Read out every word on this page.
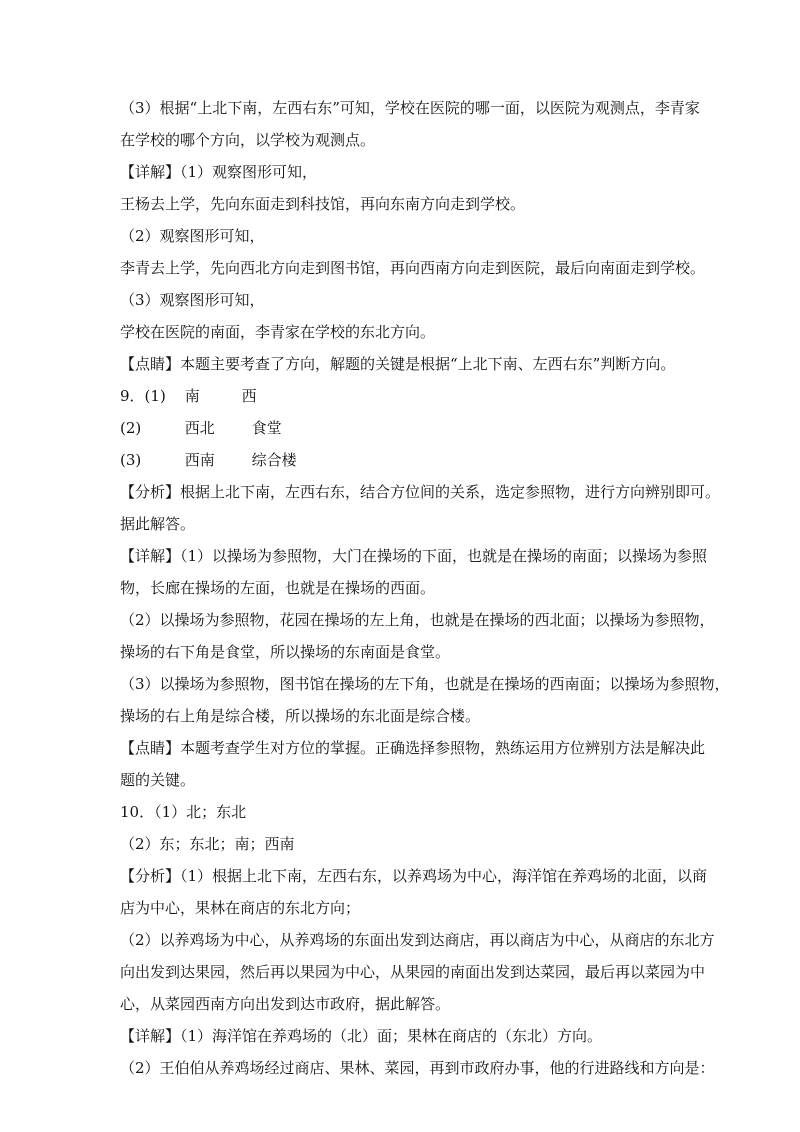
（3）根据“上北下南，左西右东”可知，学校在医院的哪一面，以医院为观测点，李青家
在学校的哪个方向，以学校为观测点。
【详解】（1）观察图形可知，
王杨去上学，先向东面走到科技馆，再向东南方向走到学校。
（2）观察图形可知，
李青去上学，先向西北方向走到图书馆，再向西南方向走到医院，最后向南面走到学校。
（3）观察图形可知，
学校在医院的南面，李青家在学校的东北方向。
【点睛】本题主要考查了方向，解题的关键是根据“上北下南、左西右东”判断方向。
9．(1) 南	西
(2)	西北 食堂
(3)	西南 综合楼
【分析】根据上北下南，左西右东，结合方位间的关系，选定参照物，进行方向辨别即可。
据此解答。
【详解】（1）以操场为参照物，大门在操场的下面，也就是在操场的南面；以操场为参照
物，长廊在操场的左面，也就是在操场的西面。
（2）以操场为参照物，花园在操场的左上角，也就是在操场的西北面；以操场为参照物，
操场的右下角是食堂，所以操场的东南面是食堂。
（3）以操场为参照物，图书馆在操场的左下角，也就是在操场的西南面；以操场为参照物，
操场的右上角是综合楼，所以操场的东北面是综合楼。
【点睛】本题考查学生对方位的掌握。正确选择参照物，熟练运用方位辨别方法是解决此
题的关键。
10．（1）北；东北
（2）东；东北；南；西南
【分析】（1）根据上北下南，左西右东，以养鸡场为中心，海洋馆在养鸡场的北面，以商
店为中心，果林在商店的东北方向；
（2）以养鸡场为中心，从养鸡场的东面出发到达商店，再以商店为中心，从商店的东北方
向出发到达果园，然后再以果园为中心，从果园的南面出发到达菜园，最后再以菜园为中
心，从菜园西南方向出发到达市政府，据此解答。
【详解】（1）海洋馆在养鸡场的（北）面；果林在商店的（东北）方向。
（2）王伯伯从养鸡场经过商店、果林、菜园，再到市政府办事，他的行进路线和方向是：
